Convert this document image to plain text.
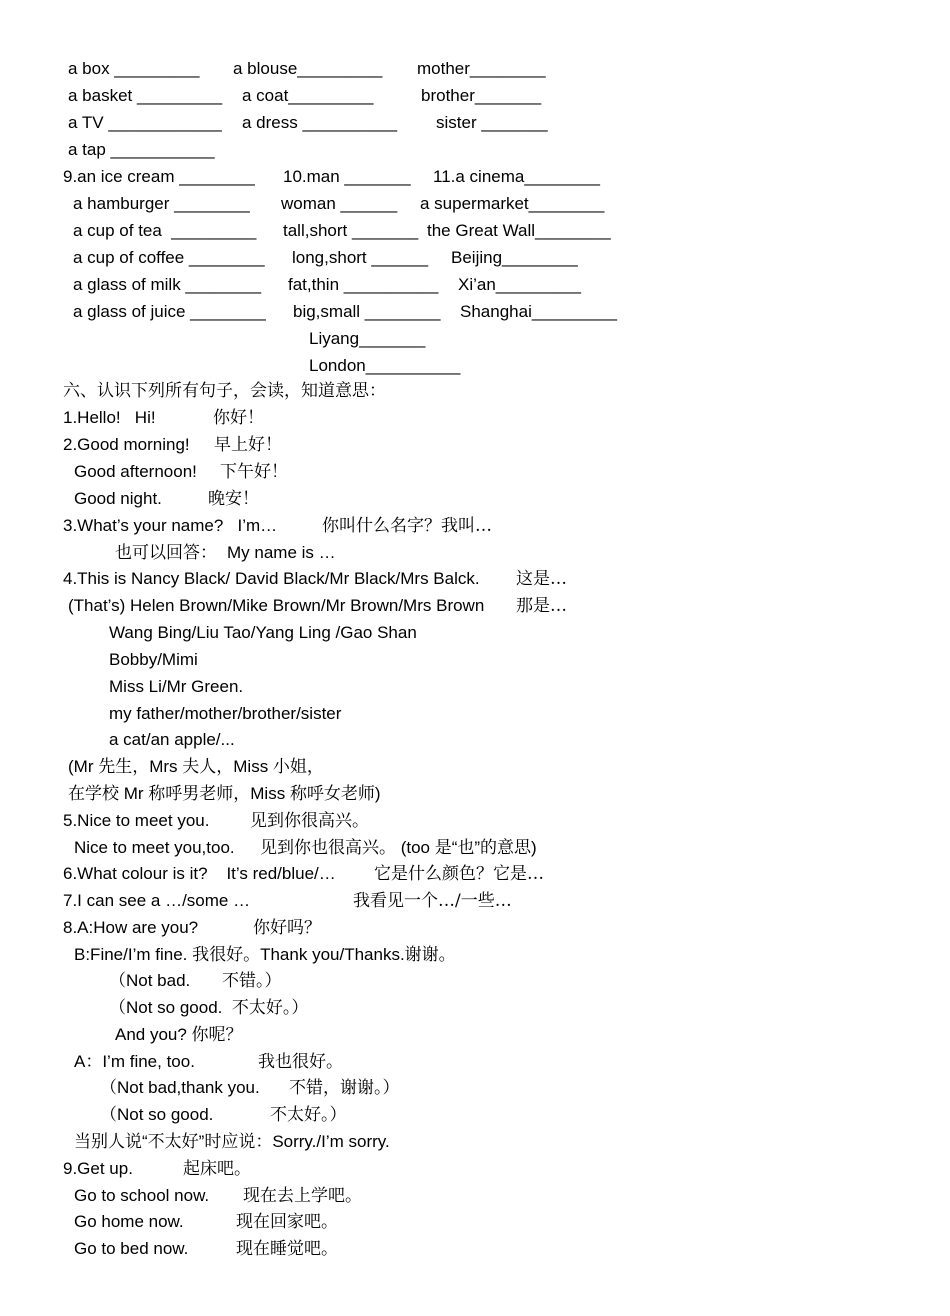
a box _________ a blouse_________ mother________
a basket _________ a coat_________	brother_______
a TV ____________ a dress __________ sister _______
a tap ___________
9.an ice cream ________ 10.man _______ 11.a cinema________
a hamburger ________ woman ______ a supermarket________
a cup of tea  _________ tall,short _______ the Great Wall________
a cup of coffee ________ long,short ______ Beijing________
a glass of milk ________ fat,thin __________ Xi’an_________
a glass of juice ________ big,small ________ Shanghai_________
Liyang_______
London__________
六、认识下列所有句子，会读，知道意思：
1.Hello!   Hi!	你好！
2.Good morning! 早上好！
Good afternoon! 下午好！
Good night.	晚安！
3.What’s your name?   I’m…	你叫什么名字？我叫…
也可以回答： My name is …
4.This is Nancy Black/ David Black/Mr Black/Mrs Balck. 这是…
(That’s) Helen Brown/Mike Brown/Mr Brown/Mrs Brown 那是…
Wang Bing/Liu Tao/Yang Ling /Gao Shan
Bobby/Mimi
Miss Li/Mr Green.
my father/mother/brother/sister
a cat/an apple/...
(Mr 先生，Mrs 夫人，Miss 小姐，
在学校 Mr 称呼男老师，Miss 称呼女老师)
5.Nice to meet you. 见到你很高兴。
Nice to meet you,too. 见到你也很高兴。 (too 是“也”的意思)
6.What colour is it?    It’s red/blue/… 它是什么颜色？它是…
7.I can see a …/some …	我看见一个…/一些…
8.A:How are you?	你好吗？
B:Fine/I’m fine. 我很好。Thank you/Thanks.谢谢。
（Not bad. 不错。）
（Not so good.  不太好。）
And you? 你呢？
A：I’m fine, too.	我也很好。
（Not bad,thank you. 不错，谢谢。）
（Not so good.	不太好。）
当别人说“不太好”时应说：Sorry./I’m sorry.
9.Get up.	起床吧。
Go to school now. 现在去上学吧。
Go home now.	现在回家吧。
Go to bed now.	现在睡觉吧。
